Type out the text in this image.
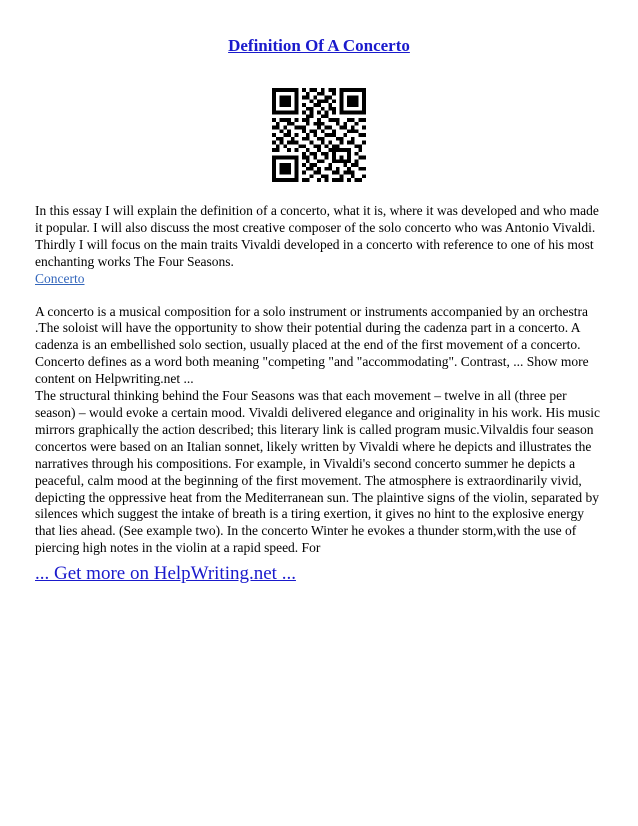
Definition Of A Concerto

In this essay I will explain the definition of a concerto, what it is, where it was developed and who made it popular. I will also discuss the most creative composer of the solo concerto who was Antonio Vivaldi. Thirdly I will focus on the main traits Vivaldi developed in a concerto with reference to one of his most enchanting works The Four Seasons.

Concerto

A concerto is a musical composition for a solo instrument or instruments accompanied by an orchestra .The soloist will have the opportunity to show their potential during the cadenza part in a concerto. A cadenza is an embellished solo section, usually placed at the end of the first movement of a concerto. Concerto defines as a word both meaning "competing "and "accommodating". Contrast, ... Show more content on Helpwriting.net ...

The structural thinking behind the Four Seasons was that each movement – twelve in all (three per season) – would evoke a certain mood. Vivaldi delivered elegance and originality in his work. His music mirrors graphically the action described; this literary link is called program music.Vilvaldis four season concertos were based on an Italian sonnet, likely written by Vivaldi where he depicts and illustrates the narratives through his compositions. For example, in Vivaldi's second concerto summer he depicts a peaceful, calm mood at the beginning of the first movement. The atmosphere is extraordinarily vivid, depicting the oppressive heat from the Mediterranean sun. The plaintive signs of the violin, separated by silences which suggest the intake of breath is a tiring exertion, it gives no hint to the explosive energy that lies ahead. (See example two). In the concerto Winter he evokes a thunder storm,with the use of piercing high notes in the violin at a rapid speed. For

... Get more on HelpWriting.net ...
